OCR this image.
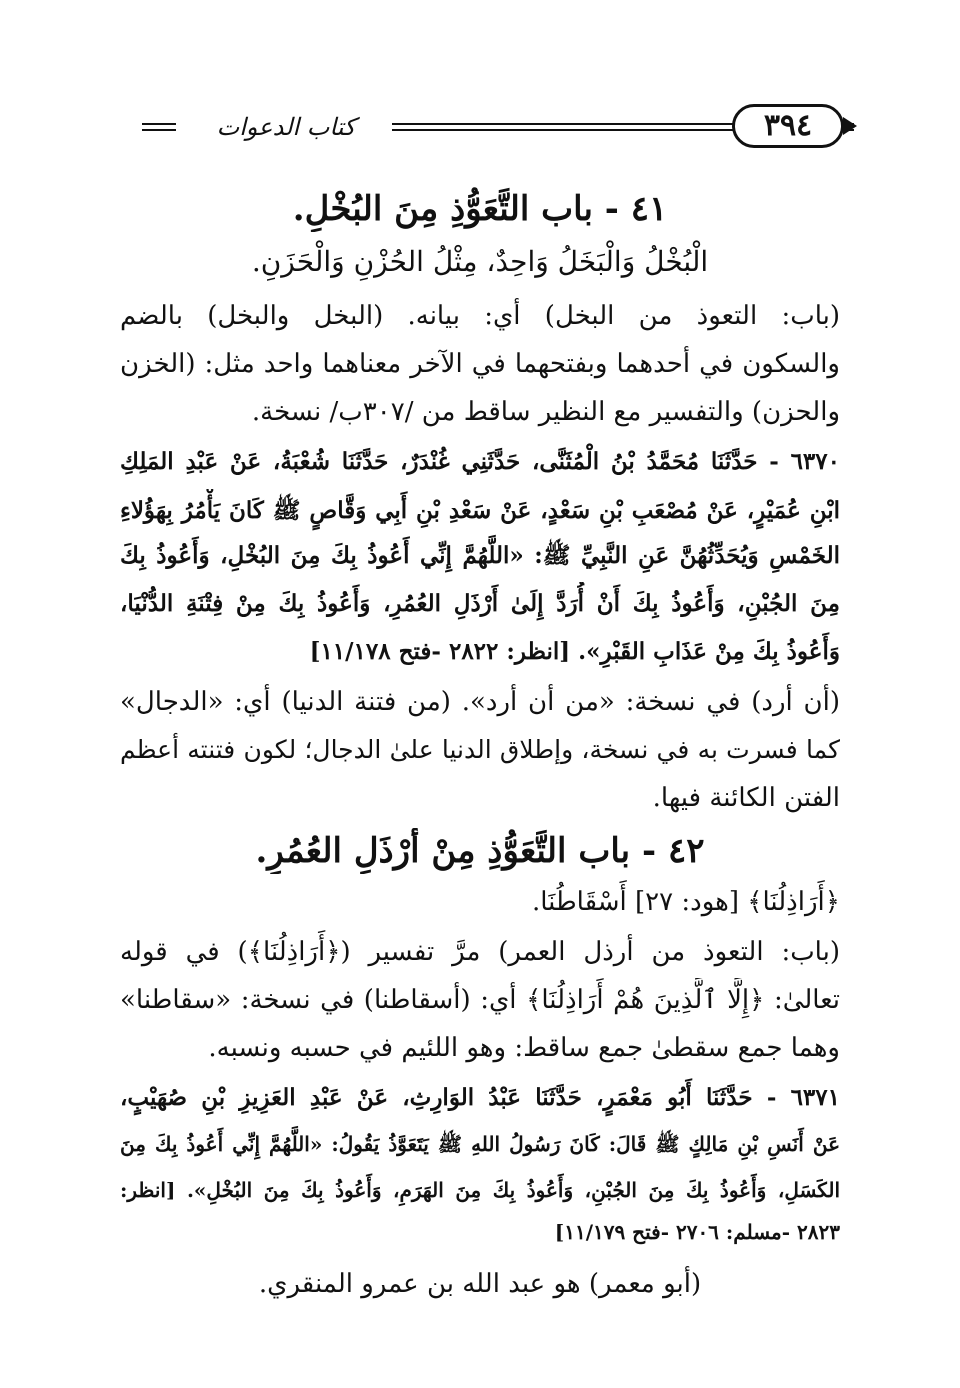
كتاب الدعوات	٣٩٤
٤١ - باب التَّعَوُّذِ مِنَ البُخْلِ.
الْبُخْلُ وَالْبَخَلُ وَاحِدٌ، مِثْلُ الحُزْنِ وَالْحَزَنِ.
(باب: التعوذ من البخل) أي: بيانه. (البخل والبخل) بالضم
والسكون في أحدهما وبفتحهما في الآخر معناهما واحد مثل: (الخزن
والحزن) والتفسير مع النظير ساقط من /٣٠٧ب/ نسخة.
٦٣٧٠ - حَدَّثَنَا مُحَمَّدُ بْنُ الْمُثَنَّى، حَدَّثَنِي غُنْدَرٌ، حَدَّثَنَا شُعْبَةُ، عَنْ عَبْدِ المَلِكِ
ابْنِ عُمَيْرٍ، عَنْ مُصْعَبِ بْنِ سَعْدٍ، عَنْ سَعْدِ بْنِ أَبِي وَقَّاصٍ ﷺ كَانَ يَأْمُرُ بِهَؤُلاءِ
الخَمْسِ وَيُحَدِّثُهُنَّ عَنِ النَّبِيِّ ﷺ: «اللَّهُمَّ إِنِّي أَعُوذُ بِكَ مِنَ البُخْلِ، وَأَعُوذُ بِكَ
مِنَ الجُبْنِ، وَأَعُوذُ بِكَ أَنْ أُرَدَّ إِلَىٰ أَرْذَلِ العُمُرِ، وَأَعُوذُ بِكَ مِنْ فِتْنَةِ الدُّنْيَا،
وَأَعُوذُ بِكَ مِنْ عَذَابِ القَبْرِ». [انظر: ٢٨٢٢ -فتح ١١/١٧٨]
(أن أرد) في نسخة: «من أن أرد». (من فتنة الدنيا) أي: «الدجال»
كما فسرت به في نسخة، وإطلاق الدنيا علىٰ الدجال؛ لكون فتنته أعظم
الفتن الكائنة فيها.
٤٢ - باب التَّعَوُّذِ مِنْ أَرْذَلِ العُمُرِ.
﴿أَرَاذِلُنَا﴾ [هود: ٢٧] أَسْقَاطُنَا.
(باب: التعوذ من أرذل العمر) مرَّ تفسير (﴿أَرَاذِلُنَا﴾) في قوله
تعالىٰ: ﴿إِلَّا ٱلَّذِينَ هُمْ أَرَاذِلُنَا﴾ أي: (أسقاطنا) في نسخة: «سقاطنا»
وهما جمع سقطىٰ جمع ساقط: وهو اللئيم في حسبه ونسبه.
٦٣٧١ - حَدَّثَنَا أَبُو مَعْمَرٍ، حَدَّثَنَا عَبْدُ الوَارِثِ، عَنْ عَبْدِ العَزِيزِ بْنِ صُهَيْبٍ،
عَنْ أَنَسِ بْنِ مَالِكٍ ﷺ قَالَ: كَانَ رَسُولُ اللهِ ﷺ يَتَعَوَّذُ يَقُولُ: «اللَّهُمَّ إِنِّي أَعُوذُ بِكَ مِنَ
الكَسَلِ، وَأَعُوذُ بِكَ مِنَ الجُبْنِ، وَأَعُوذُ بِكَ مِنَ الهَرَمِ، وَأَعُوذُ بِكَ مِنَ البُخْلِ». [انظر:
٢٨٢٣ -مسلم: ٢٧٠٦ -فتح ١١/١٧٩]
(أبو معمر) هو عبد الله بن عمرو المنقري.
